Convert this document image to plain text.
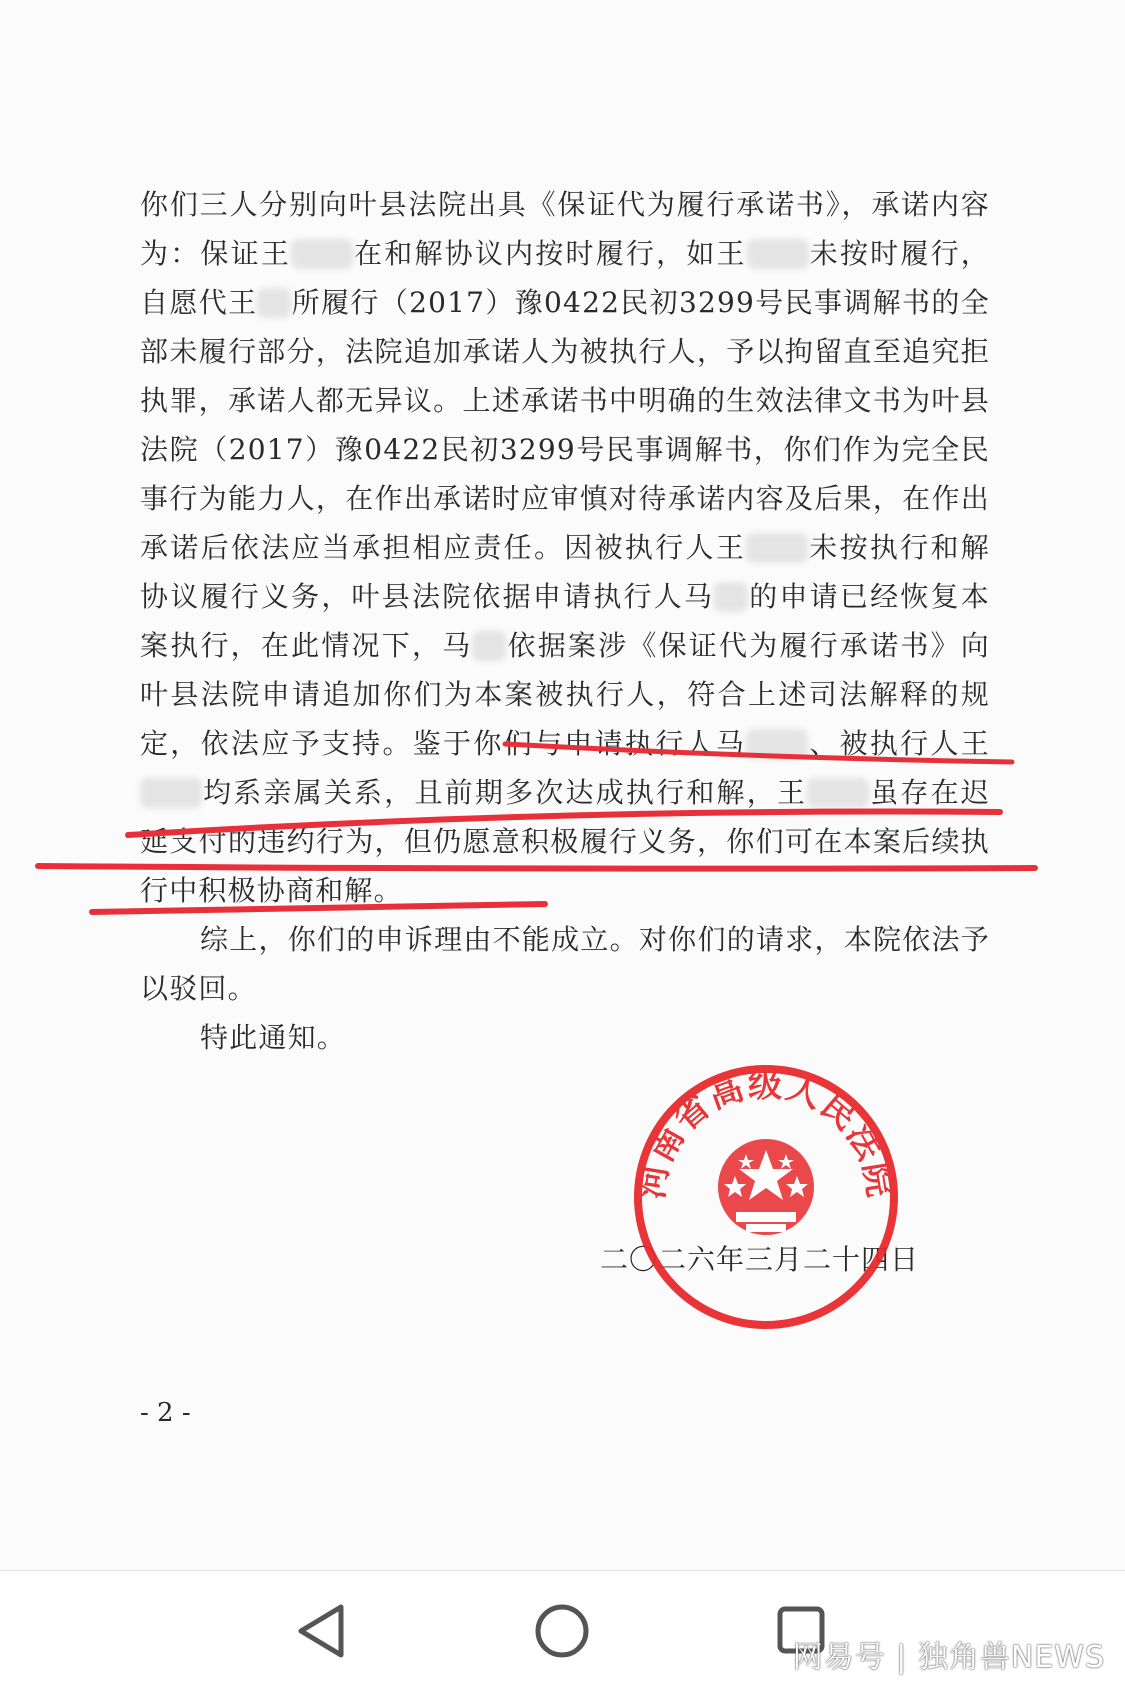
你们三人分别向叶县法院出具《保证代为履行承诺书》，承诺内容为：保证王 在和解协议内按时履行，如王 未按时履行，自愿代王 所履行（2017）豫0422民初3299号民事调解书的全部未履行部分，法院追加承诺人为被执行人，予以拘留直至追究拒执罪，承诺人都无异议。上述承诺书中明确的生效法律文书为叶县法院（2017）豫0422民初3299号民事调解书，你们作为完全民事行为能力人，在作出承诺时应审慎对待承诺内容及后果，在作出承诺后依法应当承担相应责任。因被执行人王 未按执行和解协议履行义务，叶县法院依据申请执行人马 的申请已经恢复本案执行，在此情况下，马 依据案涉《保证代为履行承诺书》向叶县法院申请追加你们为本案被执行人，符合上述司法解释的规定，依法应予支持。鉴于你们与申请执行人马 、被执行人王均系亲属关系，且前期多次达成执行和解，王 虽存在迟延支付的违约行为，但仍愿意积极履行义务，你们可在本案后续执行中积极协商和解。

综上，你们的申诉理由不能成立。对你们的请求，本院依法予以驳回。

特此通知。

河南省高级人民法院
二〇二六年三月二十四日
- 2 -
网易号 | 独角兽NEWS
